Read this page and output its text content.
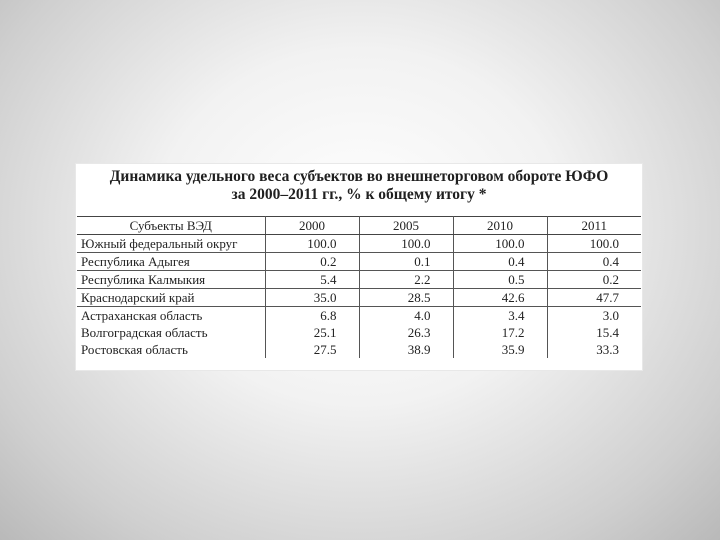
Динамика удельного веса субъектов во внешнеторговом обороте ЮФО
за 2000–2011 гг., % к общему итогу *
Субъекты ВЭД	2000	2005	2010	2011
Южный федеральный округ	100.0	100.0	100.0	100.0
Республика Адыгея	0.2	0.1	0.4	0.4
Республика Калмыкия	5.4	2.2	0.5	0.2
Краснодарский край	35.0	28.5	42.6	47.7
Астраханская область	6.8	4.0	3.4	3.0
Волгоградская область	25.1	26.3	17.2	15.4
Ростовская область	27.5	38.9	35.9	33.3
